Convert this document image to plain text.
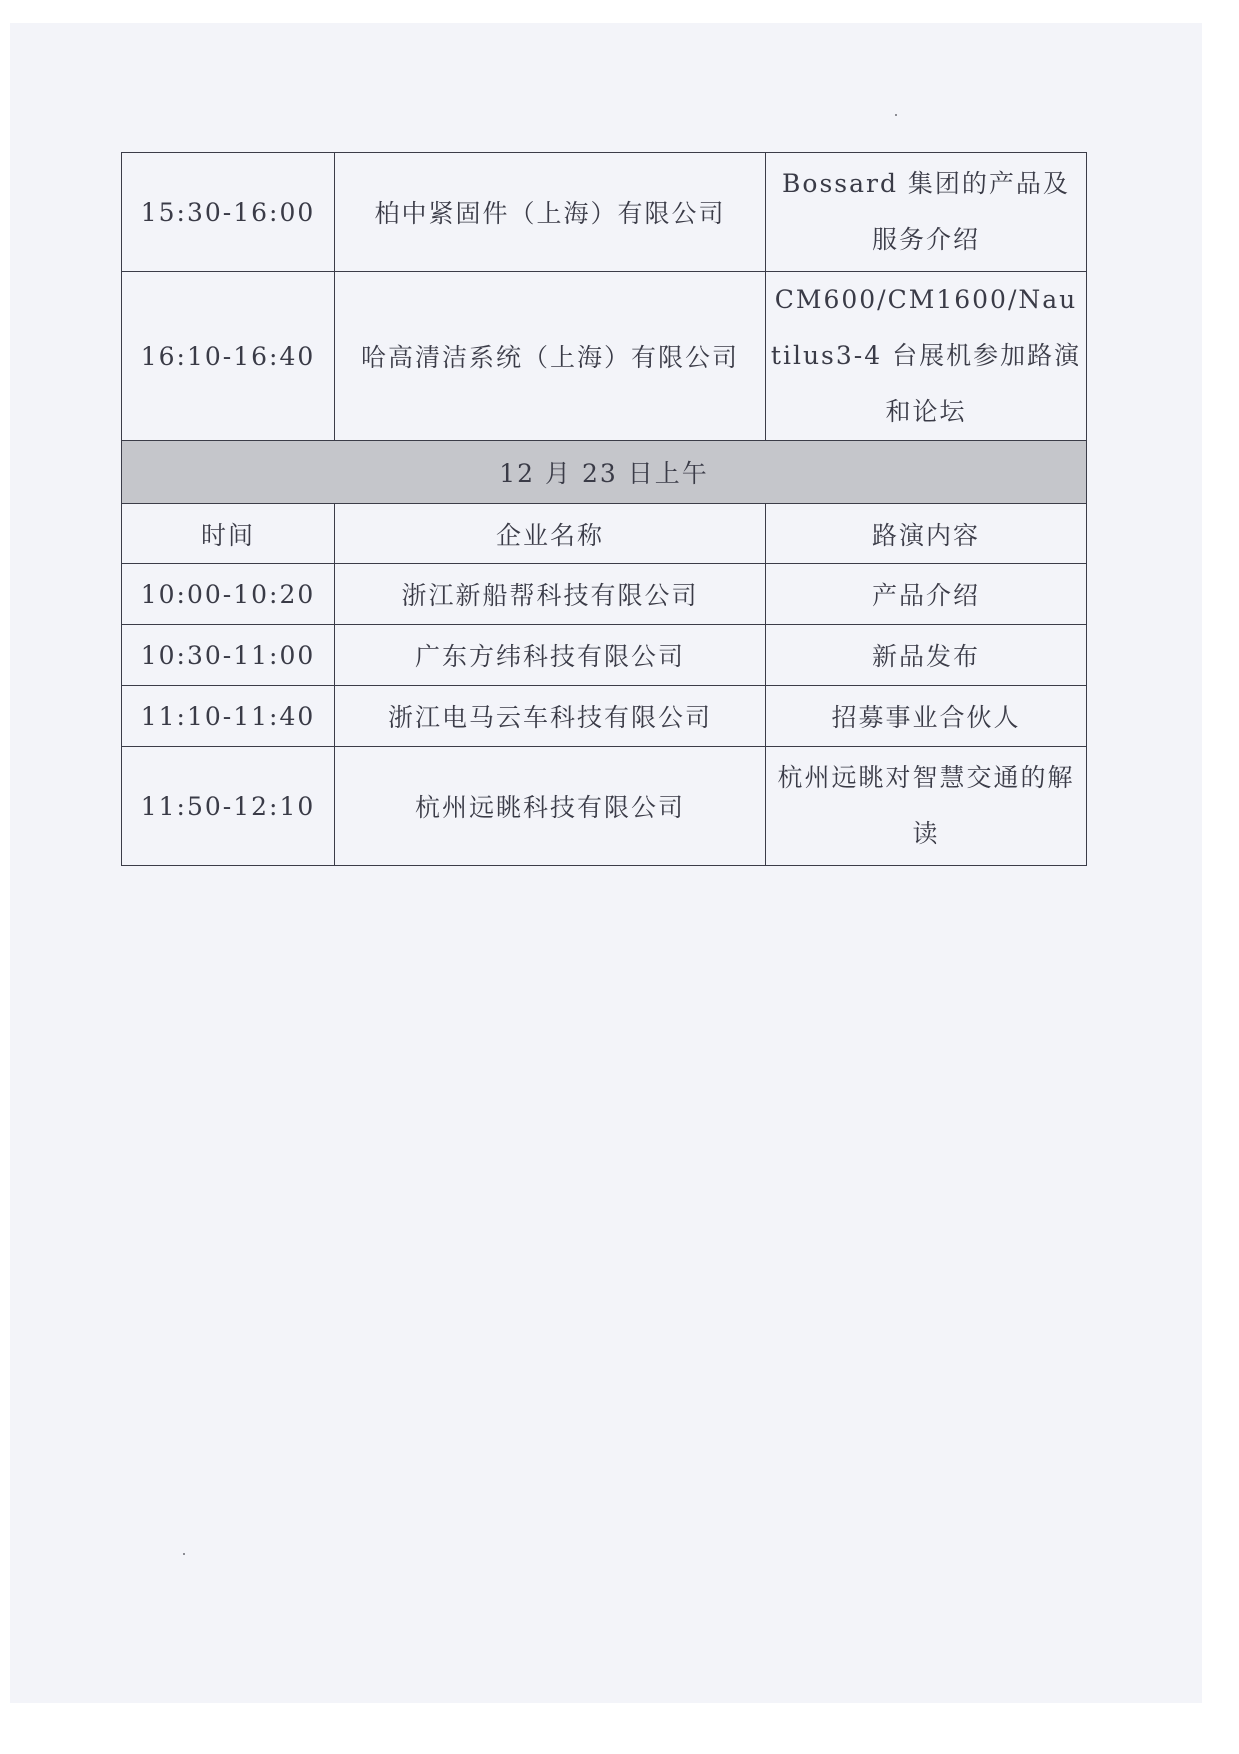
15:30-16:00	柏中紧固件（上海）有限公司	Bossard 集团的产品及服务介绍
16:10-16:40	哈高清洁系统（上海）有限公司	CM600/CM1600/Nautilus3-4 台展机参加路演和论坛
12 月 23 日上午		
时间	企业名称	路演内容
10:00-10:20	浙江新船帮科技有限公司	产品介绍
10:30-11:00	广东方纬科技有限公司	新品发布
11:10-11:40	浙江电马云车科技有限公司	招募事业合伙人
11:50-12:10	杭州远眺科技有限公司	杭州远眺对智慧交通的解读
